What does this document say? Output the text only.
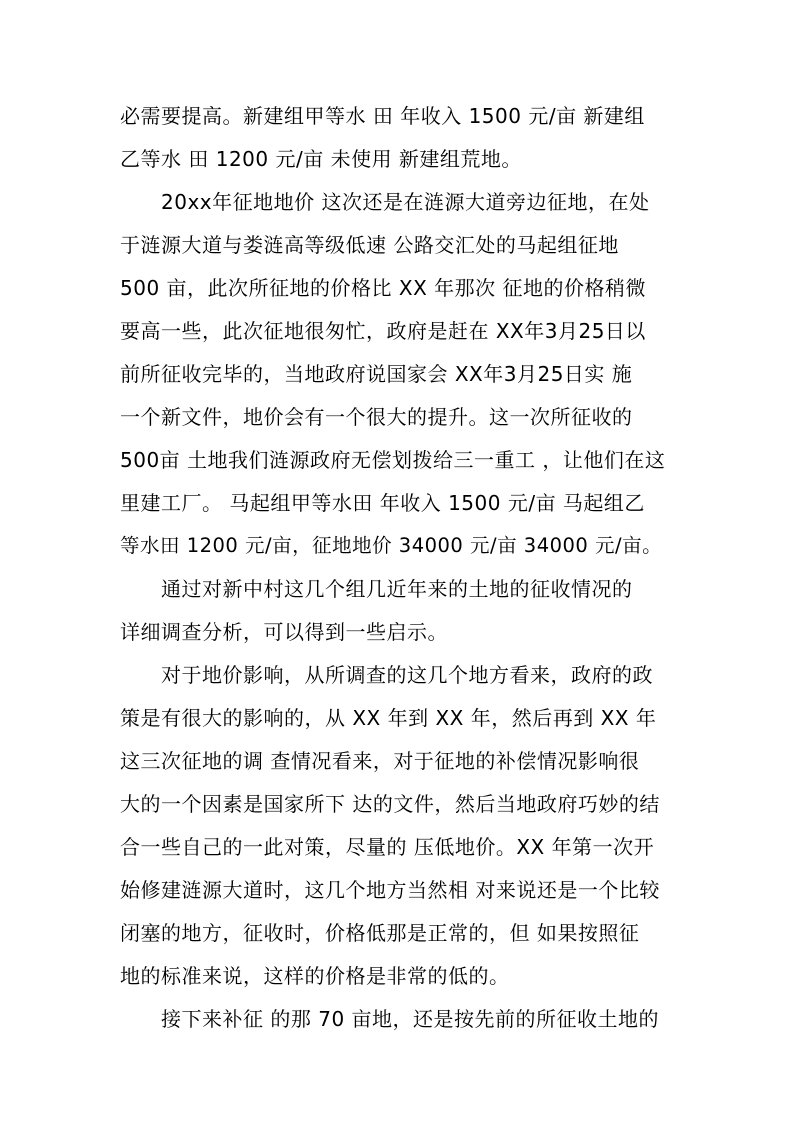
必需要提高。新建组甲等水 田 年收入 1500 元/亩 新建组
乙等水 田 1200 元/亩 未使用 新建组荒地。
20xx年征地地价 这次还是在涟源大道旁边征地，在处
于涟源大道与娄涟高等级低速 公路交汇处的马起组征地
500 亩，此次所征地的价格比 XX 年那次 征地的价格稍微
要高一些，此次征地很匆忙，政府是赶在 XX年3月25日以
前所征收完毕的，当地政府说国家会 XX年3月25日实 施
一个新文件，地价会有一个很大的提升。这一次所征收的
500亩 土地我们涟源政府无偿划拨给三一重工 ，让他们在这
里建工厂。 马起组甲等水田 年收入 1500 元/亩 马起组乙
等水田 1200 元/亩，征地地价 34000 元/亩 34000 元/亩。
通过对新中村这几个组几近年来的土地的征收情况的
详细调查分析，可以得到一些启示。
对于地价影响，从所调查的这几个地方看来，政府的政
策是有很大的影响的，从 XX 年到 XX 年，然后再到 XX 年
这三次征地的调 查情况看来，对于征地的补偿情况影响很
大的一个因素是国家所下 达的文件，然后当地政府巧妙的结
合一些自己的一此对策，尽量的 压低地价。XX 年第一次开
始修建涟源大道时，这几个地方当然相 对来说还是一个比较
闭塞的地方，征收时，价格低那是正常的，但 如果按照征
地的标准来说，这样的价格是非常的低的。
接下来补征 的那 70 亩地，还是按先前的所征收土地的
